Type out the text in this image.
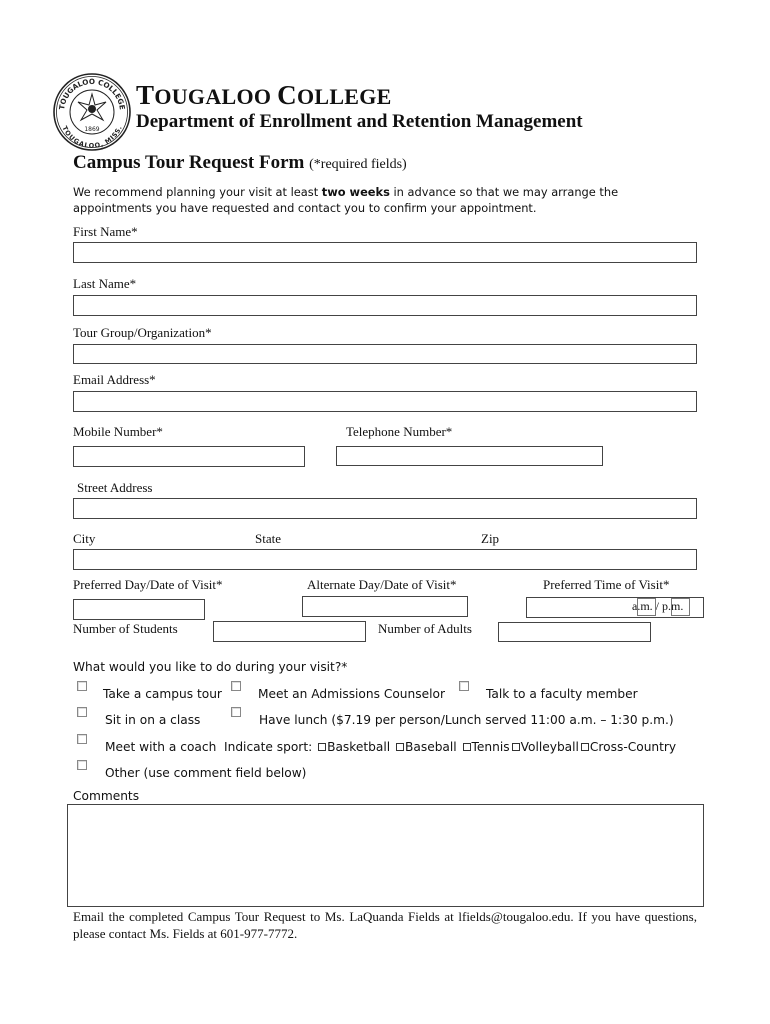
TOUGALOO COLLEGE
TOUGALOO, MISS.
1869
TOUGALOO COLLEGE
Department of Enrollment and Retention Management
Campus Tour Request Form (*required fields)
We recommend planning your visit at least two weeks in advance so that we may arrange the appointments you have requested and contact you to confirm your appointment.
First Name*
Last Name*
Tour Group/Organization*
Email Address*
Mobile Number*	Telephone Number*
Street Address
City	State	Zip
Preferred Day/Date of Visit*	Alternate Day/Date of Visit*	Preferred Time of Visit*
a.m. / p.m.
Number of Students	Number of Adults
What would you like to do during your visit?*
Take a campus tour	Meet an Admissions Counselor	Talk to a faculty member
Sit in on a class	Have lunch ($7.19 per person/Lunch served 11:00 a.m. – 1:30 p.m.)
Meet with a coach Indicate sport: Basketball Baseball Tennis Volleyball Cross-Country
Other (use comment field below)
Comments
Email the completed Campus Tour Request to Ms. LaQuanda Fields at lfields@tougaloo.edu. If you have questions, please contact Ms. Fields at 601-977-7772.
